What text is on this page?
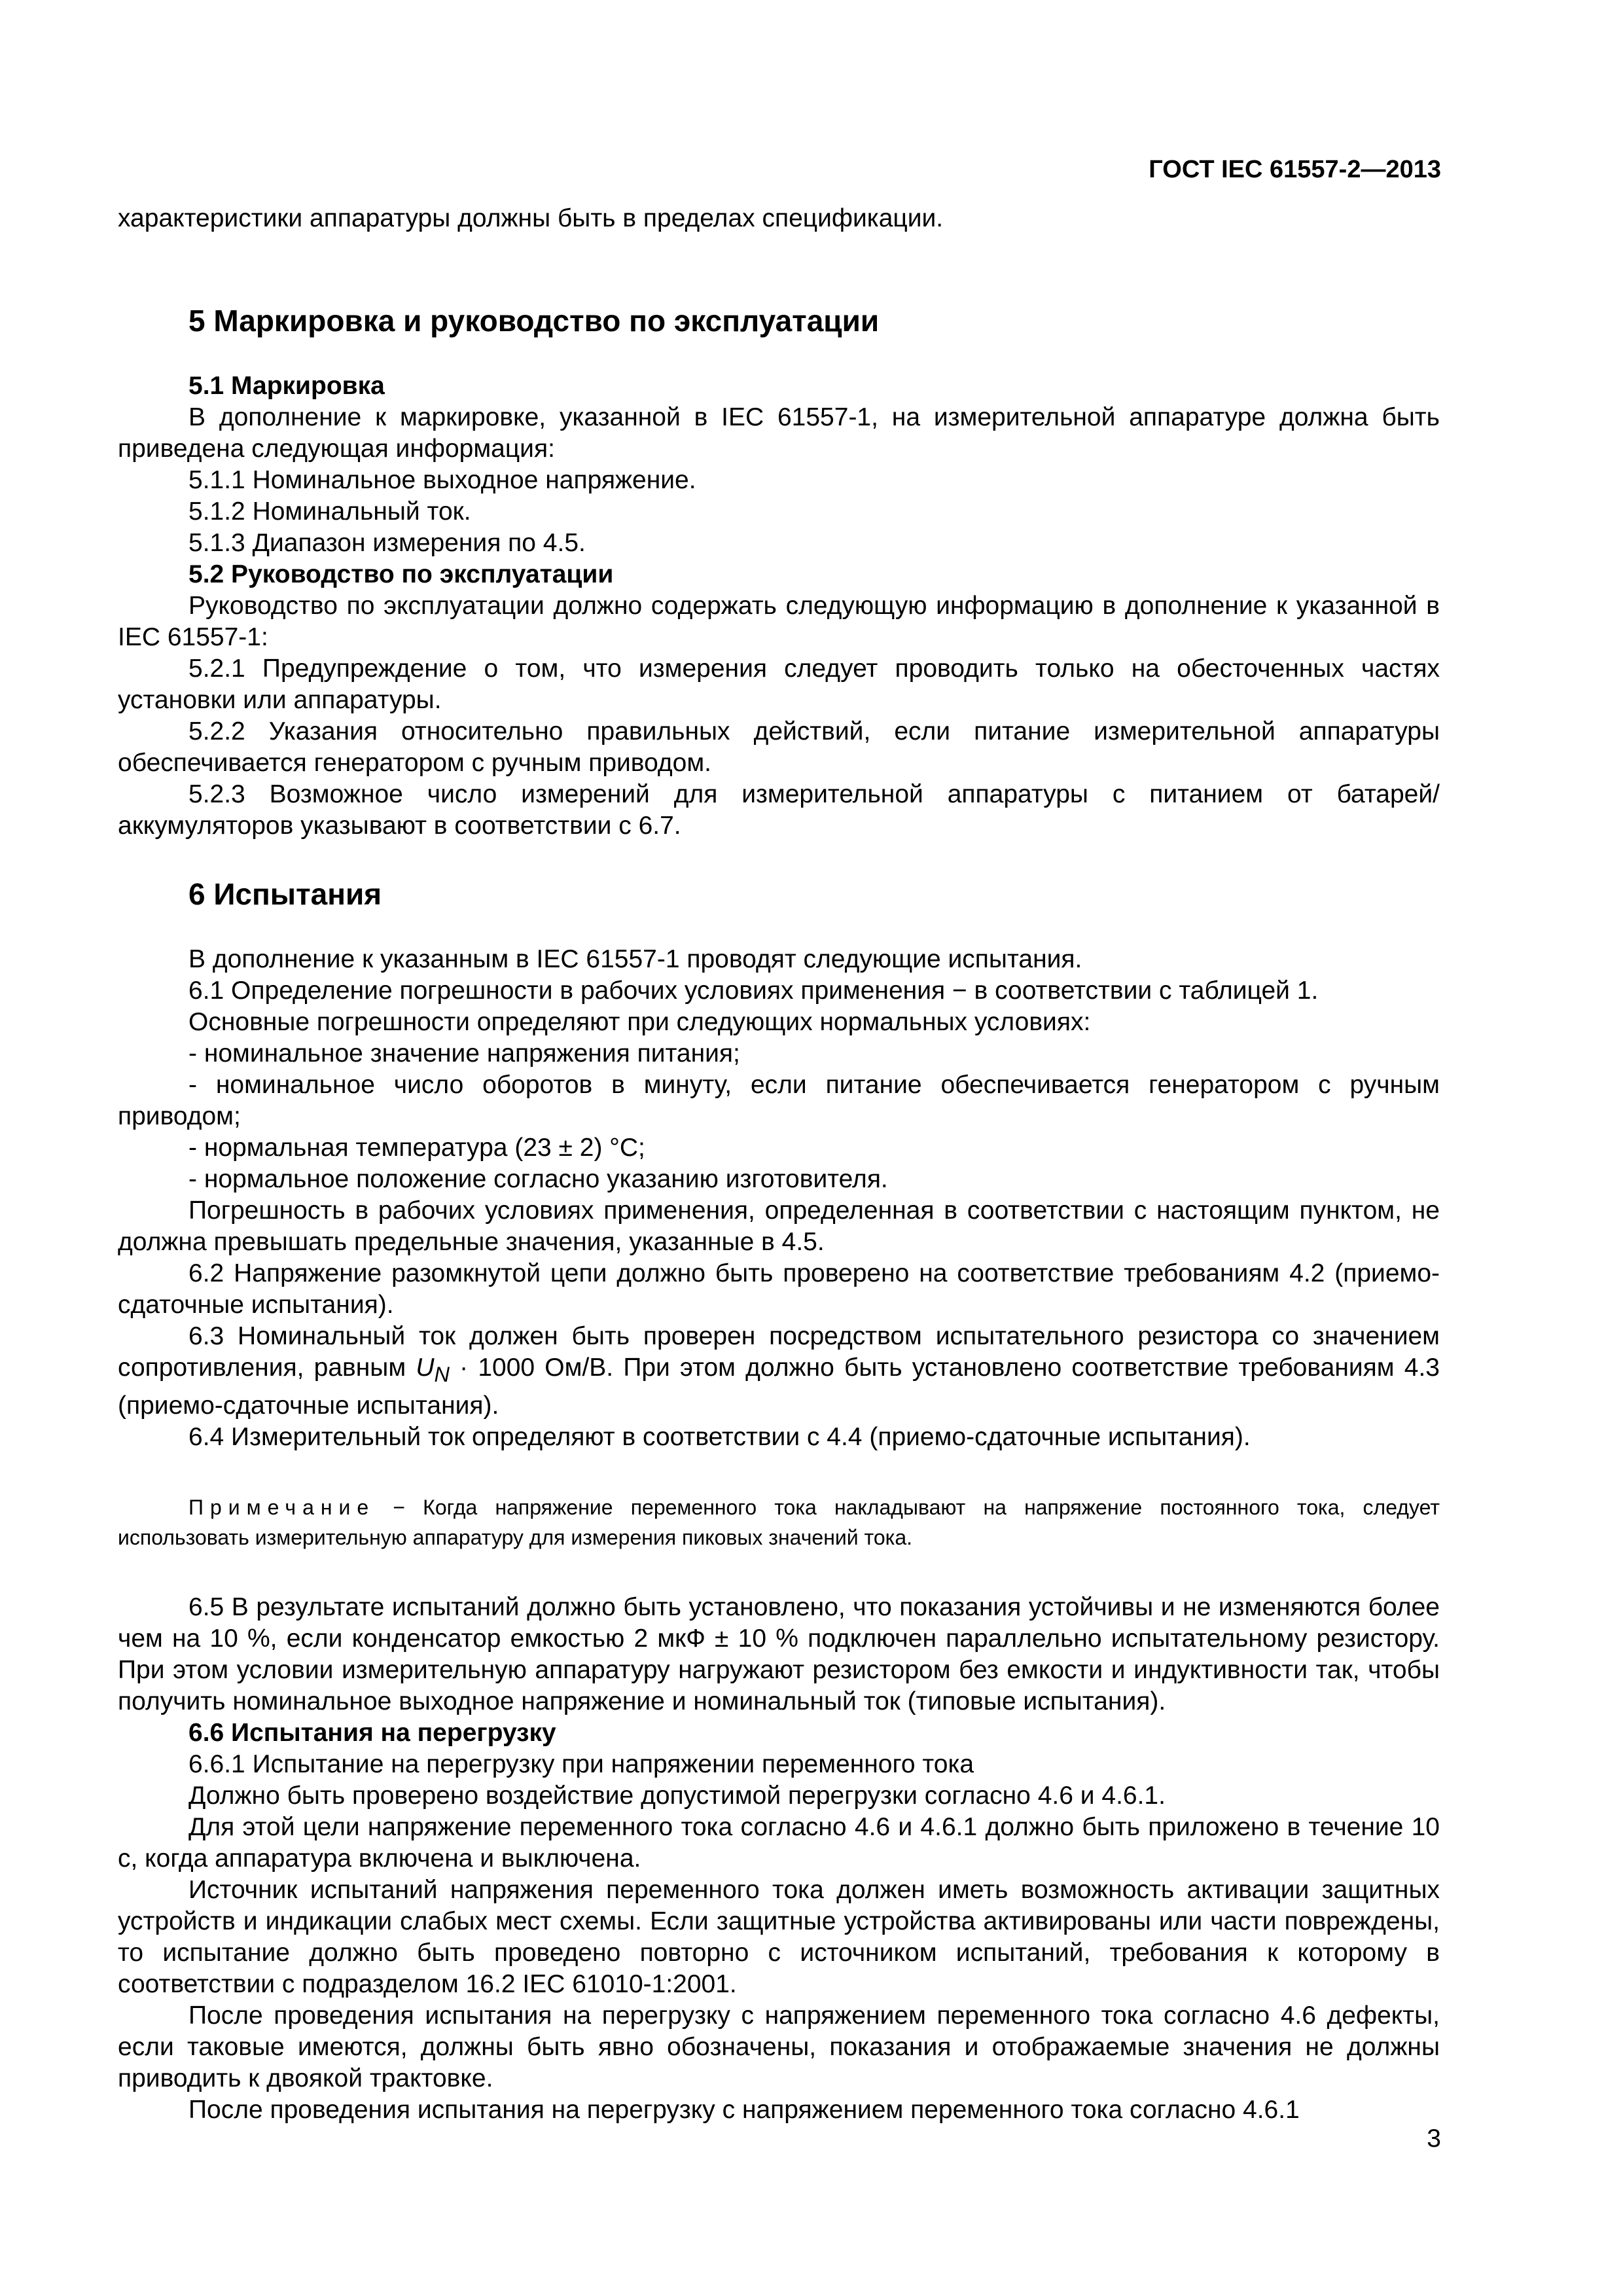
ГОСТ IEC 61557-2—2013

характеристики аппаратуры должны быть в пределах спецификации.

5 Маркировка и руководство по эксплуатации

5.1 Маркировка

В дополнение к маркировке, указанной в IEC 61557-1, на измерительной аппаратуре должна быть приведена следующая информация:

5.1.1 Номинальное выходное напряжение.

5.1.2 Номинальный ток.

5.1.3 Диапазон измерения по 4.5.

5.2 Руководство по эксплуатации

Руководство по эксплуатации должно содержать следующую информацию в дополнение к указанной в IEC 61557-1:

5.2.1 Предупреждение о том, что измерения следует проводить только на обесточенных частях установки или аппаратуры.

5.2.2 Указания относительно правильных действий, если питание измерительной аппаратуры обеспечивается генератором с ручным приводом.

5.2.3 Возможное число измерений для измерительной аппаратуры с питанием от батарей/аккумуляторов указывают в соответствии с 6.7.

6 Испытания

В дополнение к указанным в IEC 61557-1 проводят следующие испытания.

6.1 Определение погрешности в рабочих условиях применения − в соответствии с таблицей 1.

Основные погрешности определяют при следующих нормальных условиях:

- номинальное значение напряжения питания;

- номинальное число оборотов в минуту, если питание обеспечивается генератором с ручным приводом;

- нормальная температура (23 ± 2) °С;

- нормальное положение согласно указанию изготовителя.

Погрешность в рабочих условиях применения, определенная в соответствии с настоящим пунктом, не должна превышать предельные значения, указанные в 4.5.

6.2 Напряжение разомкнутой цепи должно быть проверено на соответствие требованиям 4.2 (приемо-сдаточные испытания).

6.3 Номинальный ток должен быть проверен посредством испытательного резистора со значением сопротивления, равным $U_N \cdot 1000$ Ом/В. При этом должно быть установлено соответствие требованиям 4.3 (приемо-сдаточные испытания).

6.4 Измерительный ток определяют в соответствии с 4.4 (приемо-сдаточные испытания).

Примечание − Когда напряжение переменного тока накладывают на напряжение постоянного тока, следует использовать измерительную аппаратуру для измерения пиковых значений тока.

6.5 В результате испытаний должно быть установлено, что показания устойчивы и не изменяются более чем на 10 %, если конденсатор емкостью 2 мкФ ± 10 % подключен параллельно испытательному резистору. При этом условии измерительную аппаратуру нагружают резистором без емкости и индуктивности так, чтобы получить номинальное выходное напряжение и номинальный ток (типовые испытания).

6.6 Испытания на перегрузку

6.6.1 Испытание на перегрузку при напряжении переменного тока

Должно быть проверено воздействие допустимой перегрузки согласно 4.6 и 4.6.1.

Для этой цели напряжение переменного тока согласно 4.6 и 4.6.1 должно быть приложено в течение 10 с, когда аппаратура включена и выключена.

Источник испытаний напряжения переменного тока должен иметь возможность активации защитных устройств и индикации слабых мест схемы. Если защитные устройства активированы или части повреждены, то испытание должно быть проведено повторно с источником испытаний, требования к которому в соответствии с подразделом 16.2 IEC 61010-1:2001.

После проведения испытания на перегрузку с напряжением переменного тока согласно 4.6 дефекты, если таковые имеются, должны быть явно обозначены, показания и отображаемые значения не должны приводить к двоякой трактовке.

После проведения испытания на перегрузку с напряжением переменного тока согласно 4.6.1

3
